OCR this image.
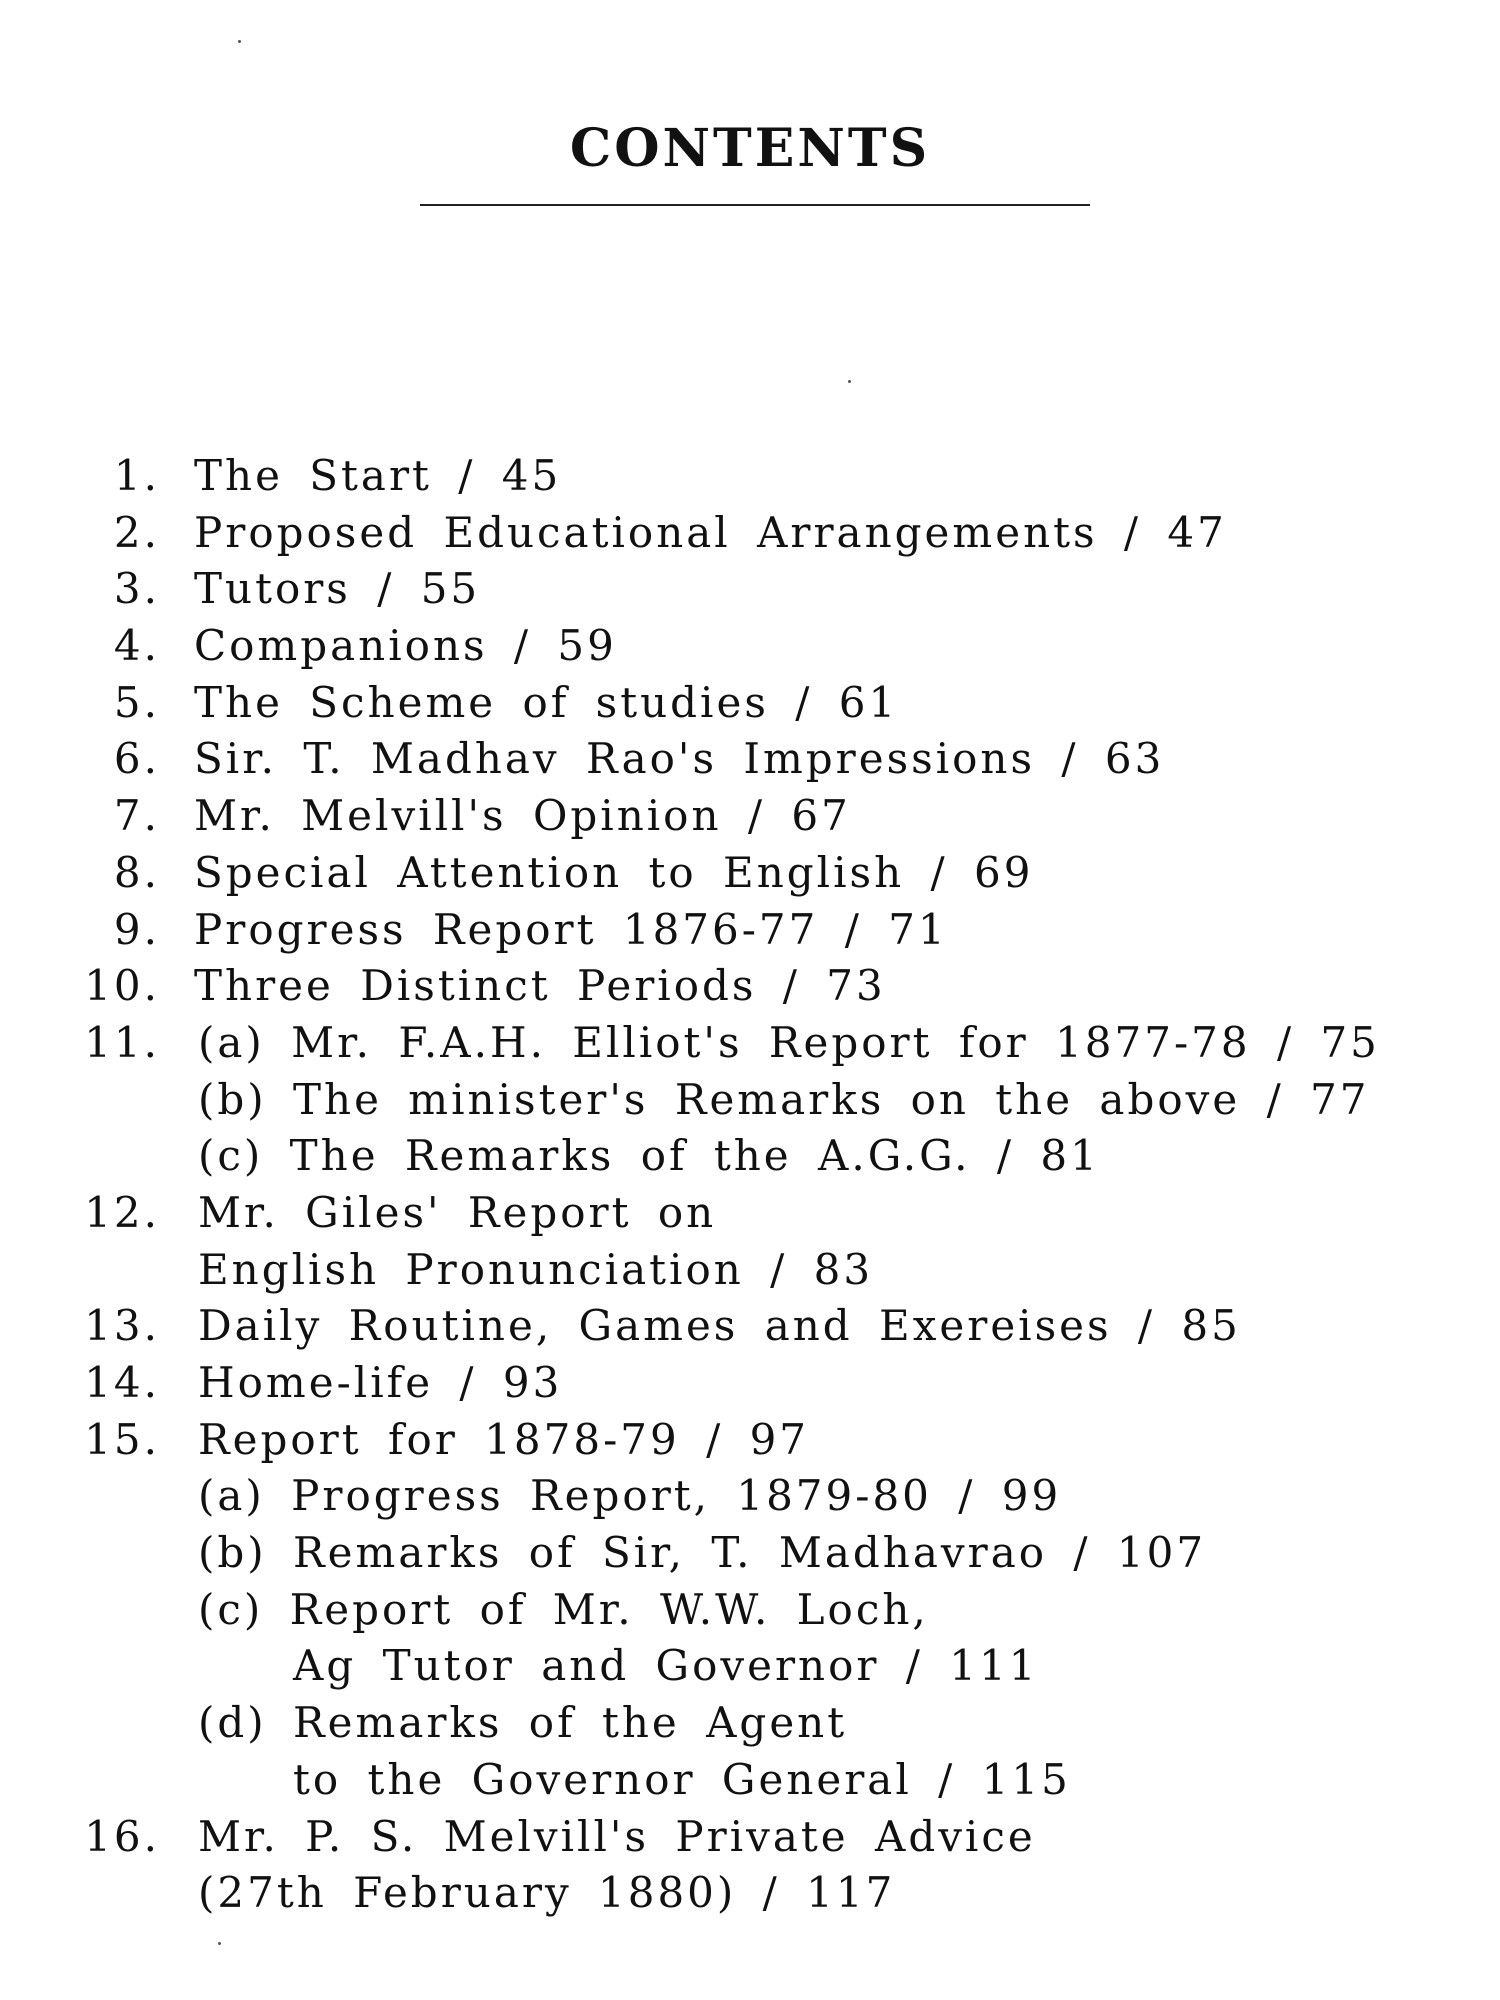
CONTENTS
1. The Start / 45
2. Proposed Educational Arrangements / 47
3. Tutors / 55
4. Companions / 59
5. The Scheme of studies / 61
6. Sir. T. Madhav Rao's Impressions / 63
7. Mr. Melvill's Opinion / 67
8. Special Attention to English / 69
9. Progress Report 1876-77 / 71
10. Three Distinct Periods / 73
11. (a) Mr. F.A.H. Elliot's Report for 1877-78 / 75
(b) The minister's Remarks on the above / 77
(c) The Remarks of the A.G.G. / 81
12. Mr. Giles' Report on
English Pronunciation / 83
13. Daily Routine, Games and Exereises / 85
14. Home-life / 93
15. Report for 1878-79 / 97
(a) Progress Report, 1879-80 / 99
(b) Remarks of Sir, T. Madhavrao / 107
(c) Report of Mr. W.W. Loch,
Ag Tutor and Governor / 111
(d) Remarks of the Agent
to the Governor General / 115
16. Mr. P. S. Melvill's Private Advice
(27th February 1880) / 117
